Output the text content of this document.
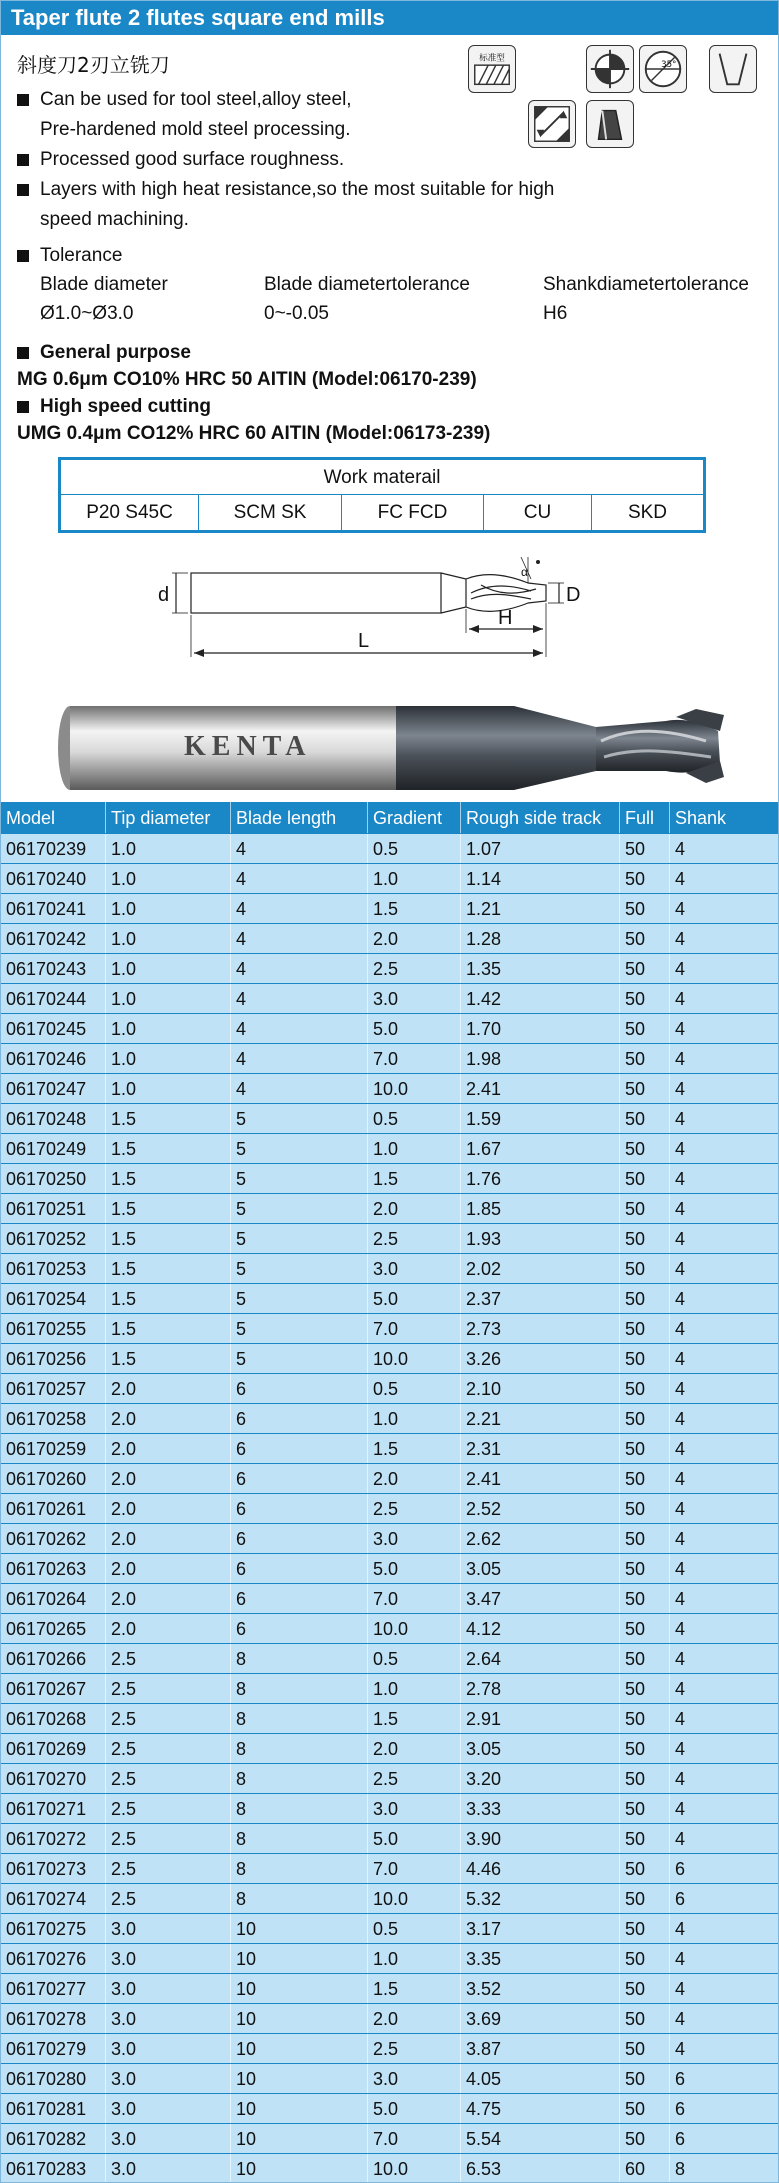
Taper flute 2 flutes square end mills
斜度刀2刃立铣刀	标准型
35°
Can be used for tool steel,alloy steel,
Pre-hardened mold steel processing.
Processed good surface roughness.
Layers with high heat resistance,so the most suitable for high
speed machining.
Tolerance
Blade diameter	Blade diametertolerance	Shankdiametertolerance
Ø1.0~Ø3.0	0~-0.05	H6
General purpose
MG 0.6μm CO10% HRC 50 AITIN (Model:06170-239)
High speed cutting
UMG 0.4μm CO12% HRC 60 AITIN (Model:06173-239)
Work materail
P20 S45C	SCM SK	FC FCD	CU	SKD
d	D
L
H
α
KENTA
Model	Tip diameter	Blade length	Gradient	Rough side track	Full	Shank
06170239	1.0	4	0.5	1.07	50	4
06170240	1.0	4	1.0	1.14	50	4
06170241	1.0	4	1.5	1.21	50	4
06170242	1.0	4	2.0	1.28	50	4
06170243	1.0	4	2.5	1.35	50	4
06170244	1.0	4	3.0	1.42	50	4
06170245	1.0	4	5.0	1.70	50	4
06170246	1.0	4	7.0	1.98	50	4
06170247	1.0	4	10.0	2.41	50	4
06170248	1.5	5	0.5	1.59	50	4
06170249	1.5	5	1.0	1.67	50	4
06170250	1.5	5	1.5	1.76	50	4
06170251	1.5	5	2.0	1.85	50	4
06170252	1.5	5	2.5	1.93	50	4
06170253	1.5	5	3.0	2.02	50	4
06170254	1.5	5	5.0	2.37	50	4
06170255	1.5	5	7.0	2.73	50	4
06170256	1.5	5	10.0	3.26	50	4
06170257	2.0	6	0.5	2.10	50	4
06170258	2.0	6	1.0	2.21	50	4
06170259	2.0	6	1.5	2.31	50	4
06170260	2.0	6	2.0	2.41	50	4
06170261	2.0	6	2.5	2.52	50	4
06170262	2.0	6	3.0	2.62	50	4
06170263	2.0	6	5.0	3.05	50	4
06170264	2.0	6	7.0	3.47	50	4
06170265	2.0	6	10.0	4.12	50	4
06170266	2.5	8	0.5	2.64	50	4
06170267	2.5	8	1.0	2.78	50	4
06170268	2.5	8	1.5	2.91	50	4
06170269	2.5	8	2.0	3.05	50	4
06170270	2.5	8	2.5	3.20	50	4
06170271	2.5	8	3.0	3.33	50	4
06170272	2.5	8	5.0	3.90	50	4
06170273	2.5	8	7.0	4.46	50	6
06170274	2.5	8	10.0	5.32	50	6
06170275	3.0	10	0.5	3.17	50	4
06170276	3.0	10	1.0	3.35	50	4
06170277	3.0	10	1.5	3.52	50	4
06170278	3.0	10	2.0	3.69	50	4
06170279	3.0	10	2.5	3.87	50	4
06170280	3.0	10	3.0	4.05	50	6
06170281	3.0	10	5.0	4.75	50	6
06170282	3.0	10	7.0	5.54	50	6
06170283	3.0	10	10.0	6.53	60	8
